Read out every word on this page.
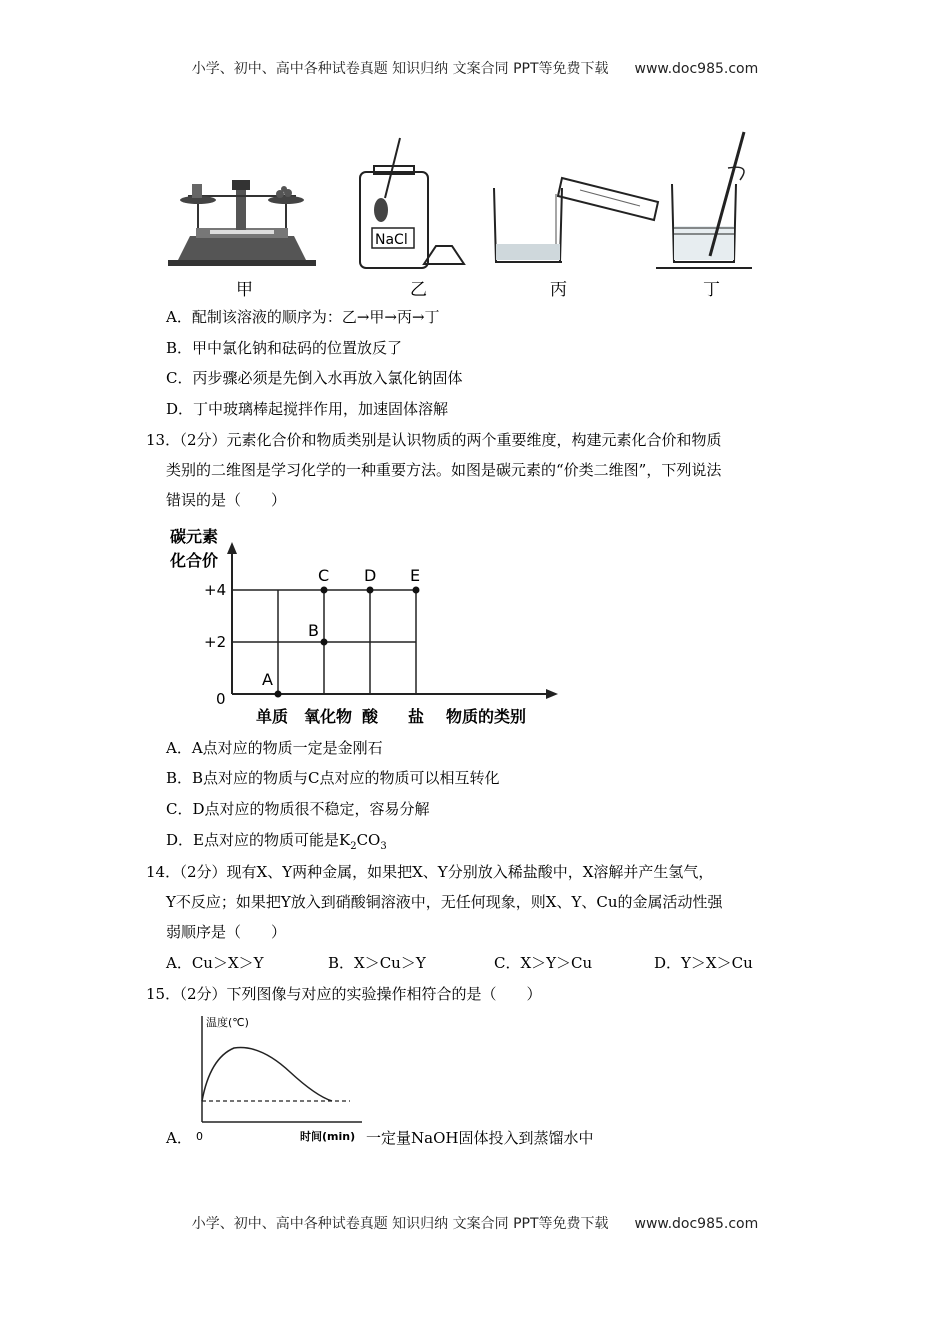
小学、初中、高中各种试卷真题 知识归纳 文案合同 PPT等免费下载 www.doc985.com
NaCl
甲	乙	丙	丁
A．配制该溶液的顺序为：乙→甲→丙→丁
B．甲中氯化钠和砝码的位置放反了
C．丙步骤必须是先倒入水再放入氯化钠固体
D．丁中玻璃棒起搅拌作用，加速固体溶解
13．
（2分）元素化合价和物质类别是认识物质的两个重要维度，构建元素化合价和物质
类别的二维图是学习化学的一种重要方法。如图是碳元素的“价类二维图”，下列说法
错误的是（　　）
碳元素
化合价
+4
+2
A
B
C D E
单质 氧化物 酸 盐
0
物质的类别
A．A点对应的物质一定是金刚石
B．B点对应的物质与C点对应的物质可以相互转化
C．D点对应的物质很不稳定，容易分解
D．E点对应的物质可能是$K_2CO_3$
14．
（2分）现有X、Y两种金属，如果把X、Y分别放入稀盐酸中，X溶解并产生氢气，
Y不反应；如果把Y放入到硝酸铜溶液中，无任何现象，则X、Y、Cu的金属活动性强
弱顺序是（　　）
A．Cu＞X＞Y	B．X＞Cu＞Y	C．X＞Y＞Cu	D．Y＞X＞Cu
15．
（2分）下列图像与对应的实验操作相符合的是（　　）
温度(℃)
0	时间(min)
A．	一定量NaOH固体投入到蒸馏水中
小学、初中、高中各种试卷真题 知识归纳 文案合同 PPT等免费下载 www.doc985.com
